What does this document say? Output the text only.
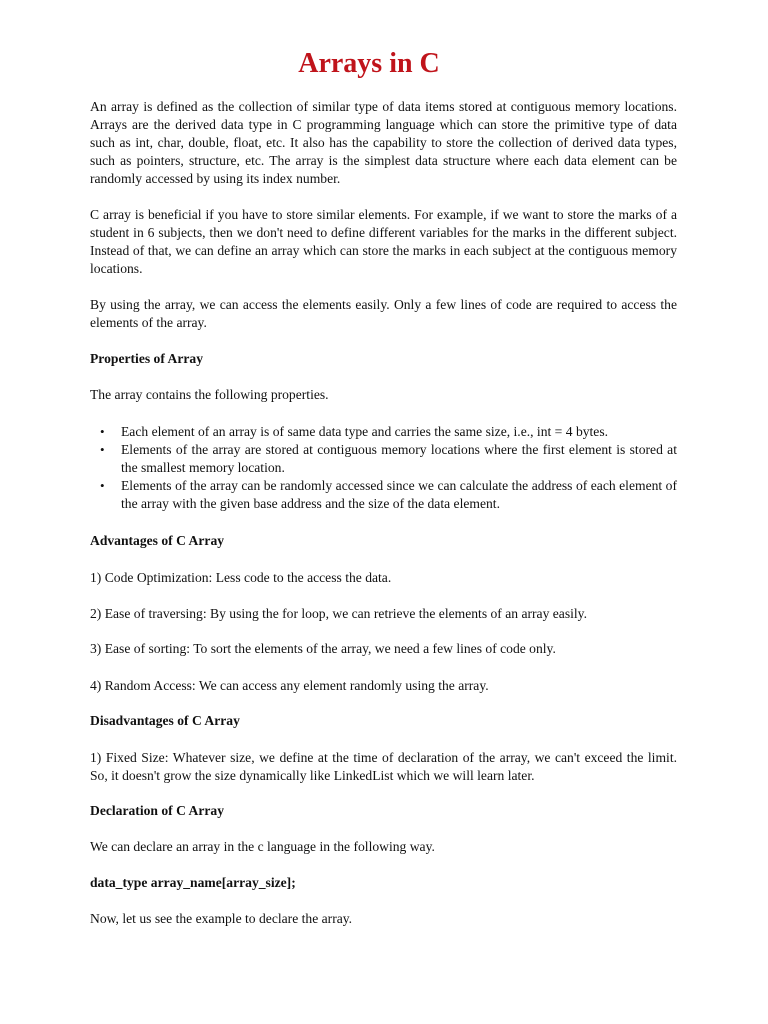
Arrays in C

An array is defined as the collection of similar type of data items stored at contiguous memory locations. Arrays are the derived data type in C programming language which can store the primitive type of data such as int, char, double, float, etc. It also has the capability to store the collection of derived data types, such as pointers, structure, etc. The array is the simplest data structure where each data element can be randomly accessed by using its index number.

C array is beneficial if you have to store similar elements. For example, if we want to store the marks of a student in 6 subjects, then we don't need to define different variables for the marks in the different subject. Instead of that, we can define an array which can store the marks in each subject at the contiguous memory locations.

By using the array, we can access the elements easily. Only a few lines of code are required to access the elements of the array.

Properties of Array

The array contains the following properties.

• Each element of an array is of same data type and carries the same size, i.e., int = 4 bytes.
• Elements of the array are stored at contiguous memory locations where the first element is stored at the smallest memory location.
• Elements of the array can be randomly accessed since we can calculate the address of each element of the array with the given base address and the size of the data element.
Advantages of C Array

1) Code Optimization: Less code to the access the data.

2) Ease of traversing: By using the for loop, we can retrieve the elements of an array easily.

3) Ease of sorting: To sort the elements of the array, we need a few lines of code only.

4) Random Access: We can access any element randomly using the array.

Disadvantages of C Array

1) Fixed Size: Whatever size, we define at the time of declaration of the array, we can't exceed the limit. So, it doesn't grow the size dynamically like LinkedList which we will learn later.

Declaration of C Array

We can declare an array in the c language in the following way.

data_type array_name[array_size];

Now, let us see the example to declare the array.
